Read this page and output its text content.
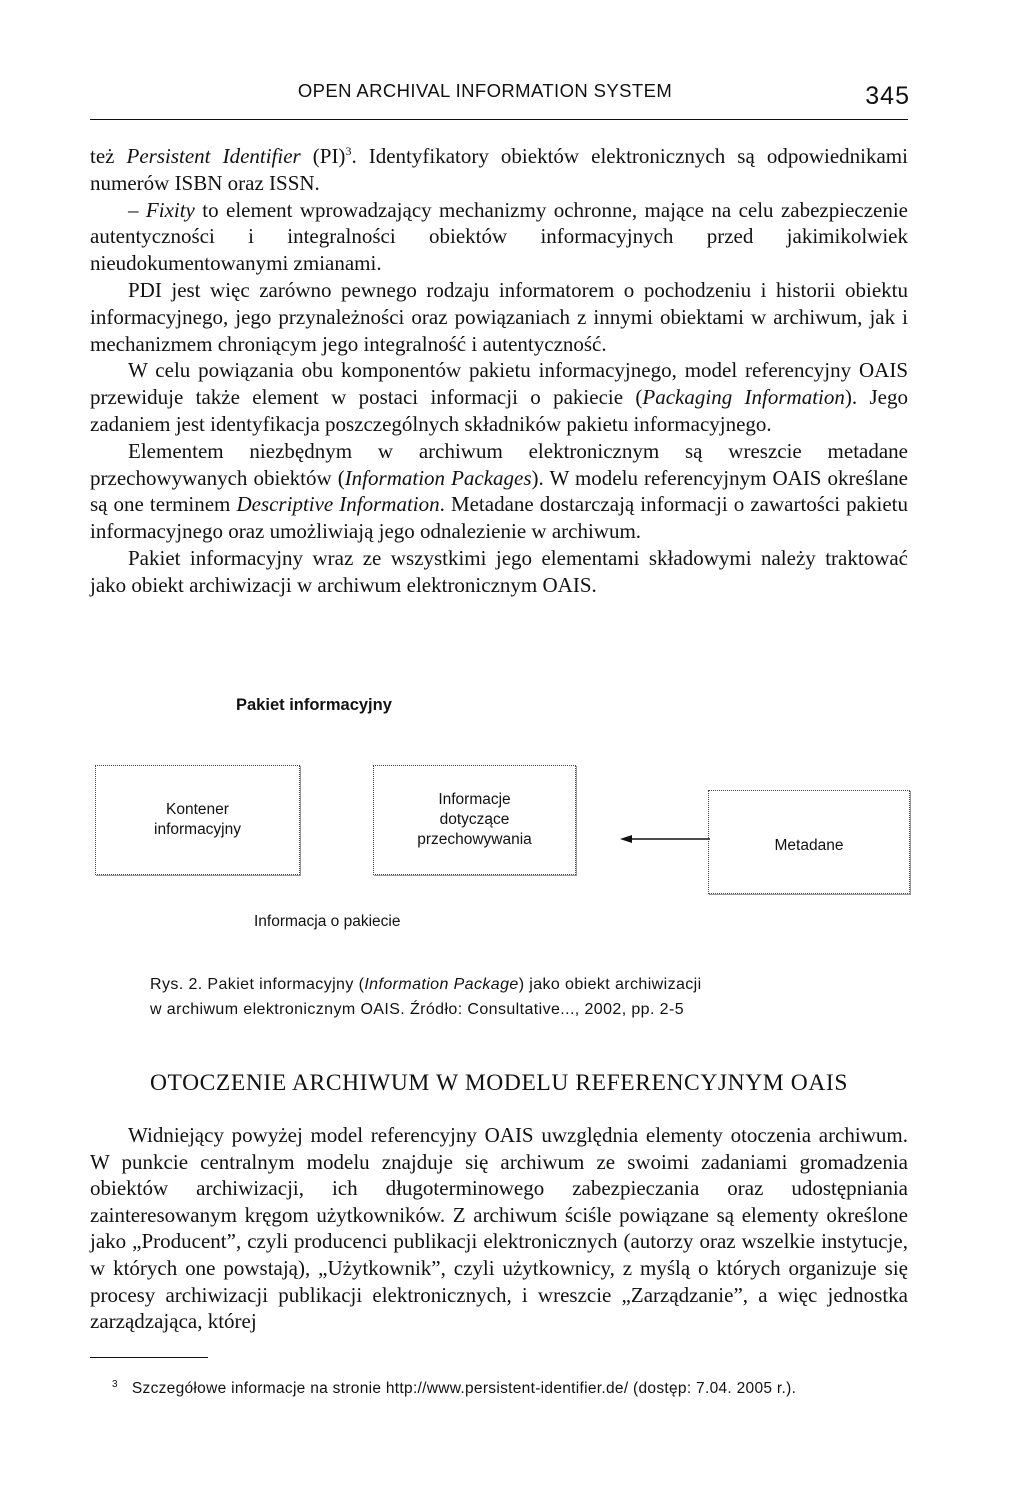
OPEN ARCHIVAL INFORMATION SYSTEM	345

też Persistent Identifier (PI)$^3$. Identyfikatory obiektów elektronicznych są odpowiednikami numerów ISBN oraz ISSN.

– Fixity to element wprowadzający mechanizmy ochronne, mające na celu zabezpieczenie autentyczności i integralności obiektów informacyjnych przed jakimikolwiek nieudokumentowanymi zmianami.

PDI jest więc zarówno pewnego rodzaju informatorem o pochodzeniu i historii obiektu informacyjnego, jego przynależności oraz powiązaniach z innymi obiektami w archiwum, jak i mechanizmem chroniącym jego integralność i autentyczność.

W celu powiązania obu komponentów pakietu informacyjnego, model referencyjny OAIS przewiduje także element w postaci informacji o pakiecie (Packaging Information). Jego zadaniem jest identyfikacja poszczególnych składników pakietu informacyjnego.

Elementem niezbędnym w archiwum elektronicznym są wreszcie metadane przechowywanych obiektów (Information Packages). W modelu referencyjnym OAIS określane są one terminem Descriptive Information. Metadane dostarczają informacji o zawartości pakietu informacyjnego oraz umożliwiają jego odnalezienie w archiwum.

Pakiet informacyjny wraz ze wszystkimi jego elementami składowymi należy traktować jako obiekt archiwizacji w archiwum elektronicznym OAIS.

Pakiet informacyjny
Kontener
informacyjny
Informacje
dotyczące
przechowywania	Metadane
Informacja o pakiecie
Rys. 2. Pakiet informacyjny (Information Package) jako obiekt archiwizacji
w archiwum elektronicznym OAIS. Źródło: Consultative..., 2002, pp. 2-5
OTOCZENIE ARCHIWUM W MODELU REFERENCYJNYM OAIS

Widniejący powyżej model referencyjny OAIS uwzględnia elementy otoczenia archiwum. W punkcie centralnym modelu znajduje się archiwum ze swoimi zadaniami gromadzenia obiektów archiwizacji, ich długoterminowego zabezpieczania oraz udostępniania zainteresowanym kręgom użytkowników. Z archiwum ściśle powiązane są elementy określone jako „Producent”, czyli producenci publikacji elektronicznych (autorzy oraz wszelkie instytucje, w których one powstają), „Użytkownik”, czyli użytkownicy, z myślą o których organizuje się procesy archiwizacji publikacji elektronicznych, i wreszcie „Zarządzanie”, a więc jednostka zarządzająca, której

$^3$ Szczegółowe informacje na stronie http://www.persistent-identifier.de/ (dostęp: 7.04. 2005 r.).
